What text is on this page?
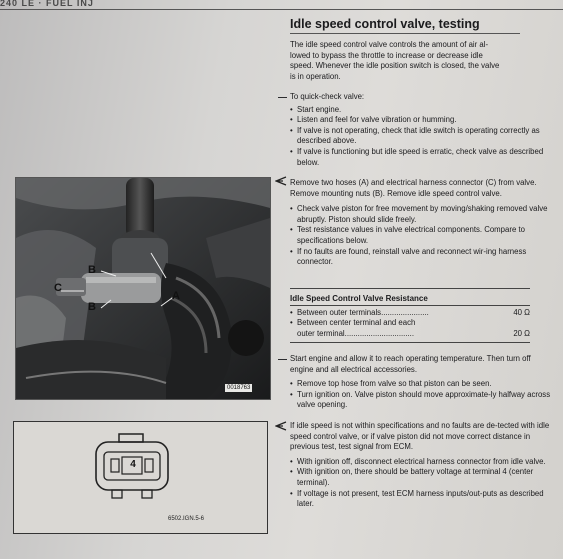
240 LE · FUEL INJ
Idle speed control valve, testing

The idle speed control valve controls the amount of air al-

lowed to bypass the throttle to increase or decrease idle

speed. Whenever the idle position switch is closed, the valve

is in operation.

— To quick-check valve:

• Start engine.
• Listen and feel for valve vibration or humming.
• If valve is not operating, check that idle switch is operating correctly as described above.
• If valve is functioning but idle speed is erratic, check valve as described below.

Remove two hoses (A) and electrical harness connector (C) from valve. Remove mounting nuts (B). Remove idle speed control valve.

• Check valve piston for free movement by moving/shaking removed valve abruptly. Piston should slide freely.
• Test resistance values in valve electrical components. Compare to specifications below.
• If no faults are found, reinstall valve and reconnect wir-ing harness connector.
Idle Speed Control Valve Resistance
• Between outer terminals......................	40 Ω
• Between center terminal and each
outer terminal................................	20 Ω
— Start engine and allow it to reach operating temperature. Then turn off engine and all electrical accessories.

• Remove top hose from valve so that piston can be seen.
• Turn ignition on. Valve piston should move approximate-ly halfway across valve opening.

If idle speed is not within specifications and no faults are de-tected with idle speed control valve, or if valve piston did not move correct distance in previous test, test signal from ECM.

• With ignition off, disconnect electrical harness connector from idle valve.
• With ignition on, there should be battery voltage at terminal 4 (center terminal).
• If voltage is not present, test ECM harness inputs/out-puts as described later.
B
B
C
A
0018763
4
6502.IGN.5-6
